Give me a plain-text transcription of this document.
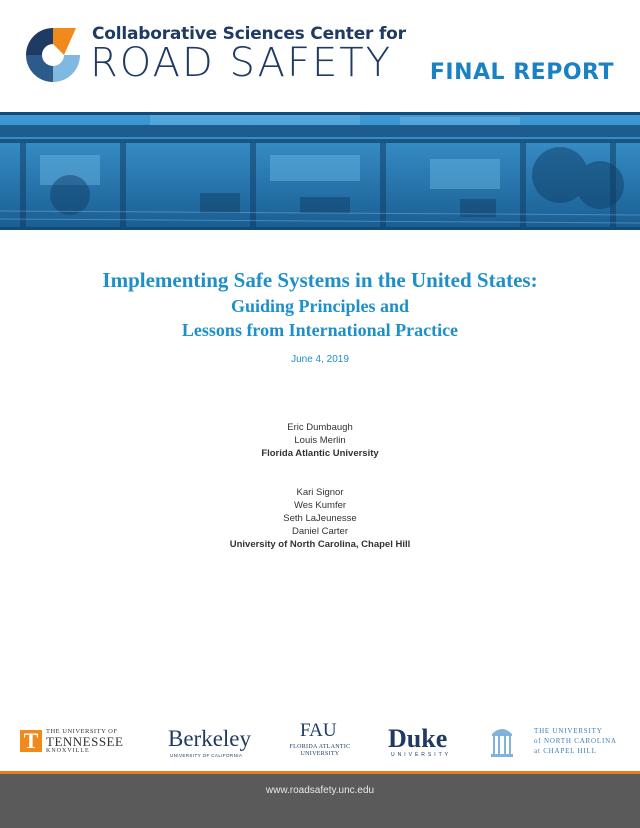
Collaborative Sciences Center for
ROAD SAFETY FINAL REPORT
Implementing Safe Systems in the United States:
Guiding Principles and
Lessons from International Practice
June 4, 2019
Eric Dumbaugh
Louis Merlin
Florida Atlantic University
Kari Signor
Wes Kumfer
Seth LaJeunesse
Daniel Carter
University of North Carolina, Chapel Hill
T	THE UNIVERSITY OF
TENNESSEE
KNOXVILLE	Berkeley
UNIVERSITY OF CALIFORNIA
FAU
FLORIDA ATLANTIC
UNIVERSITY
Duke
UNIVERSITY
THE UNIVERSITY
of NORTH CAROLINA
at CHAPEL HILL
www.roadsafety.unc.edu
